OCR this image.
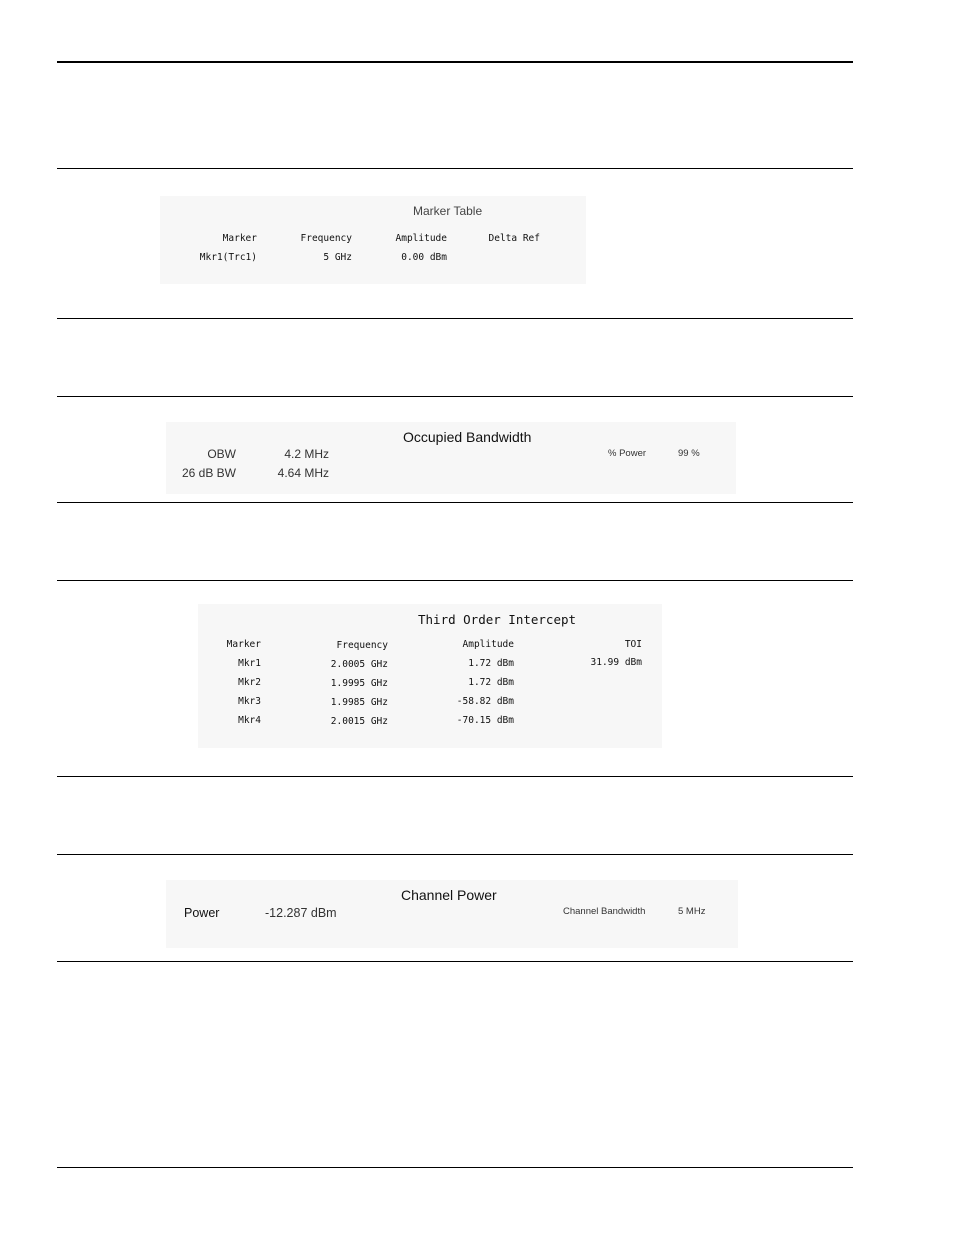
Marker Table
Marker	Frequency	Amplitude	Delta Ref
Mkr1(Trc1)	5 GHz	0.00 dBm
Occupied Bandwidth
OBW	4.2 MHz
26 dB BW	4.64 MHz
% Power	99 %
Third Order Intercept
Marker	Frequency	Amplitude	TOI
Mkr1	2.0005 GHz	1.72 dBm	31.99 dBm
Mkr2	1.9995 GHz	1.72 dBm
Mkr3	1.9985 GHz	-58.82 dBm
Mkr4	2.0015 GHz	-70.15 dBm
Channel Power
Power	-12.287 dBm	Channel Bandwidth	5 MHz
